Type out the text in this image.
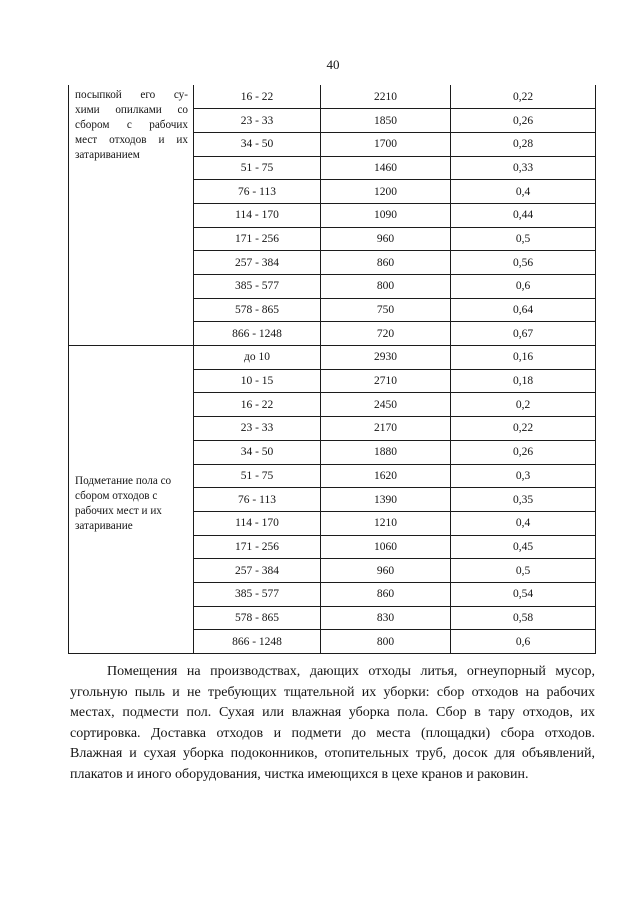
40
посыпкой его су-
хими опилками со
сбором с рабочих
мест отходов и их
затариванием	16 - 22	2210	0,22
	23 - 33	1850	0,26
	34 - 50	1700	0,28
	51 - 75	1460	0,33
	76 - 113	1200	0,4
	114 - 170	1090	0,44
	171 - 256	960	0,5
	257 - 384	860	0,56
	385 - 577	800	0,6
	578 - 865	750	0,64
	866 - 1248	720	0,67

Подметание пола со
сбором отходов с
рабочих мест и их
затаривание	до 10	2930	0,16
	10 - 15	2710	0,18
	16 - 22	2450	0,2
	23 - 33	2170	0,22
	34 - 50	1880	0,26
	51 - 75	1620	0,3
	76 - 113	1390	0,35
	114 - 170	1210	0,4
	171 - 256	1060	0,45
	257 - 384	960	0,5
	385 - 577	860	0,54
	578 - 865	830	0,58
	866 - 1248	800	0,6
Помещения на производствах, дающих отходы литья, огнеупорный мусор,
угольную пыль и не требующих тщательной их уборки: сбор отходов на рабочих
местах, подмести пол. Сухая или влажная уборка пола. Сбор в тару отходов, их
сортировка. Доставка отходов и подмети до места (площадки) сбора отходов.
Влажная и сухая уборка подоконников, отопительных труб, досок для объявлений,
плакатов и иного оборудования, чистка имеющихся в цехе кранов и раковин.
